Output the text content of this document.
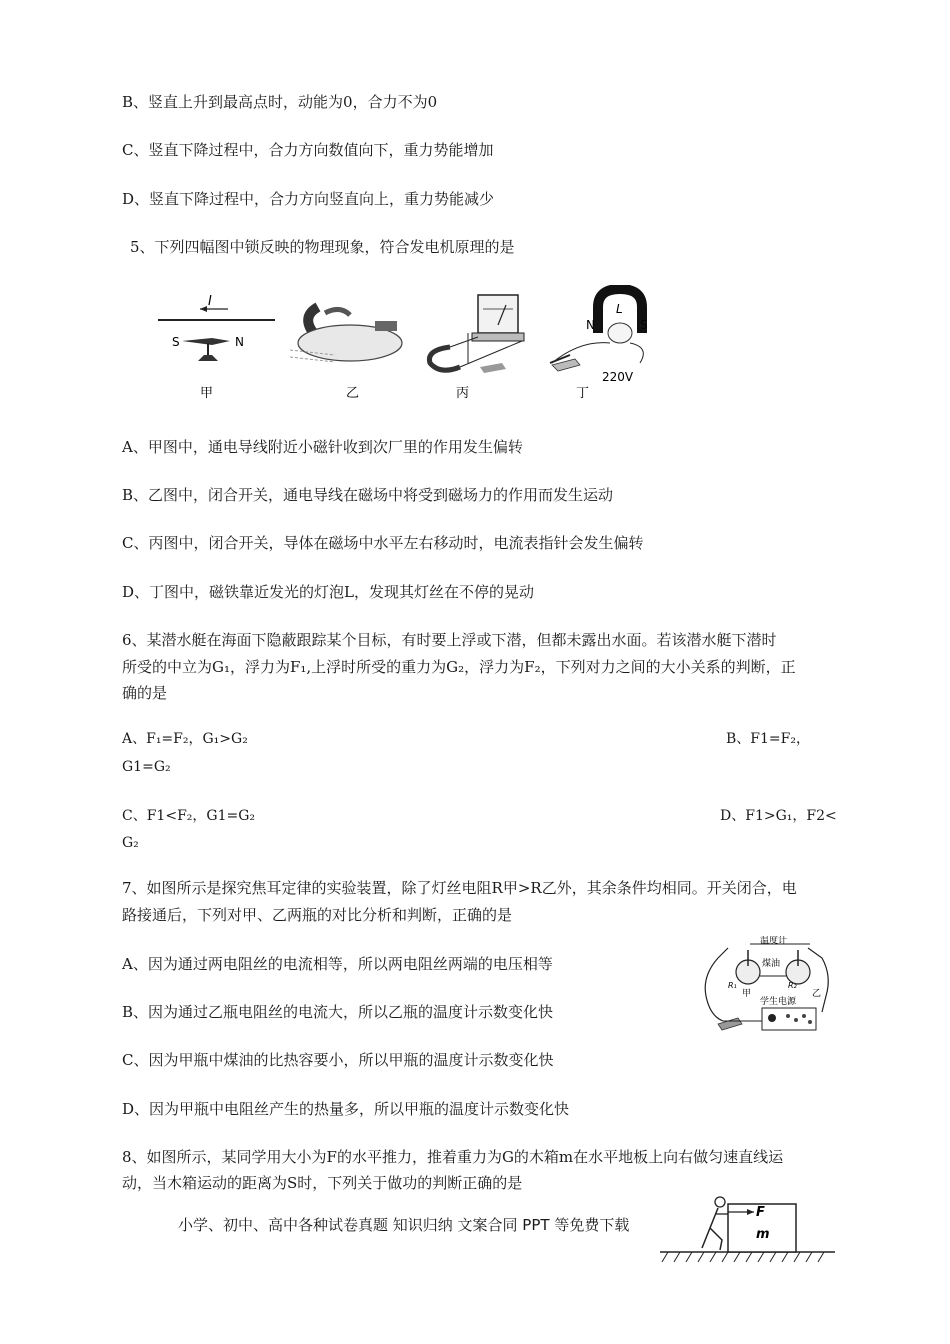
B、竖直上升到最高点时，动能为0，合力不为0
C、竖直下降过程中，合力方向数值向下，重力势能增加
D、竖直下降过程中，合力方向竖直向上，重力势能减少
5、下列四幅图中锁反映的物理现象，符合发电机原理的是
I
S	N
甲	乙	丙
N	S
L
丁
220V
A、甲图中，通电导线附近小磁针收到次厂里的作用发生偏转
B、乙图中，闭合开关，通电导线在磁场中将受到磁场力的作用而发生运动
C、丙图中，闭合开关，导体在磁场中水平左右移动时，电流表指针会发生偏转
D、丁图中，磁铁靠近发光的灯泡L，发现其灯丝在不停的晃动
6、某潜水艇在海面下隐蔽跟踪某个目标，有时要上浮或下潜，但都未露出水面。若该潜水艇下潜时
所受的中立为G₁，浮力为F₁,上浮时所受的重力为G₂，浮力为F₂，下列对力之间的大小关系的判断，正
确的是
A、F₁=F₂，G₁>G₂	B、F1=F₂，
G1=G₂
C、F1<F₂，G1=G₂	D、F1>G₁，F2<
G₂
7、如图所示是探究焦耳定律的实验装置，除了灯丝电阻R甲>R乙外，其余条件均相同。开关闭合，电
路接通后，下列对甲、乙两瓶的对比分析和判断，正确的是
温度计
煤油
R₁	R₂
甲	乙
学生电源
A、因为通过两电阻丝的电流相等，所以两电阻丝两端的电压相等
B、因为通过乙瓶电阻丝的电流大，所以乙瓶的温度计示数变化快
C、因为甲瓶中煤油的比热容要小，所以甲瓶的温度计示数变化快
D、因为甲瓶中电阻丝产生的热量多，所以甲瓶的温度计示数变化快
8、如图所示，某同学用大小为F的水平推力，推着重力为G的木箱m在水平地板上向右做匀速直线运
动，当木箱运动的距离为S时，下列关于做功的判断正确的是
小学、初中、高中各种试卷真题 知识归纳 文案合同 PPT 等免费下载
F
m
